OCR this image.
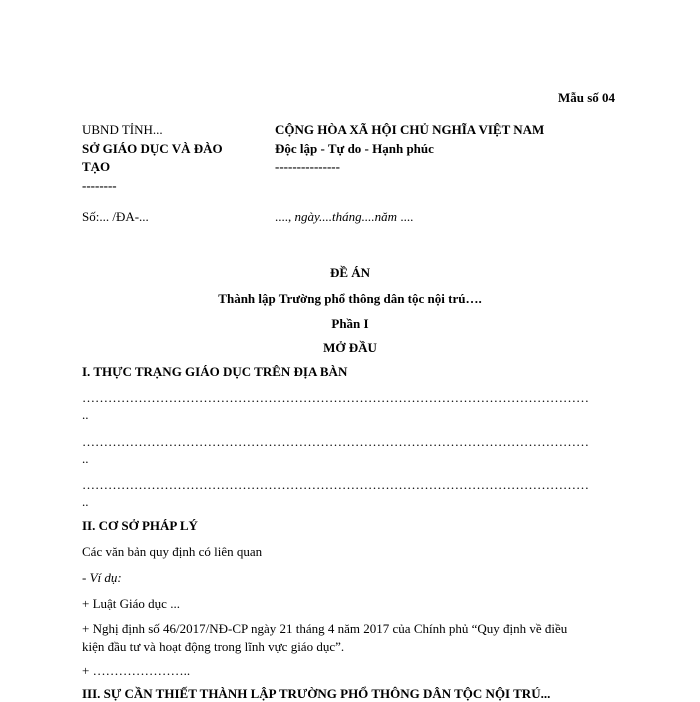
Mẫu số 04
UBND TỈNH...
SỞ GIÁO DỤC VÀ ĐÀO
TẠO
--------
Số:... /ĐA-...
CỘNG HÒA XÃ HỘI CHỦ NGHĨA VIỆT NAM
Độc lập - Tự do - Hạnh phúc
---------------
...., ngày....tháng....năm ....
ĐỀ ÁN
Thành lập Trường phổ thông dân tộc nội trú….
Phần I
MỞ ĐẦU
I. THỰC TRẠNG GIÁO DỤC TRÊN ĐỊA BÀN
………………………………………………………………………………………………………
..
………………………………………………………………………………………………………
..
………………………………………………………………………………………………………
..
II. CƠ SỞ PHÁP LÝ
Các văn bản quy định có liên quan
- Ví dụ:
+ Luật Giáo dục ...
+ Nghị định số 46/2017/NĐ-CP ngày 21 tháng 4 năm 2017 của Chính phủ “Quy định về điều
kiện đầu tư và hoạt động trong lĩnh vực giáo dục”.
+ …………………..
III. SỰ CẦN THIẾT THÀNH LẬP TRƯỜNG PHỔ THÔNG DÂN TỘC NỘI TRÚ...
